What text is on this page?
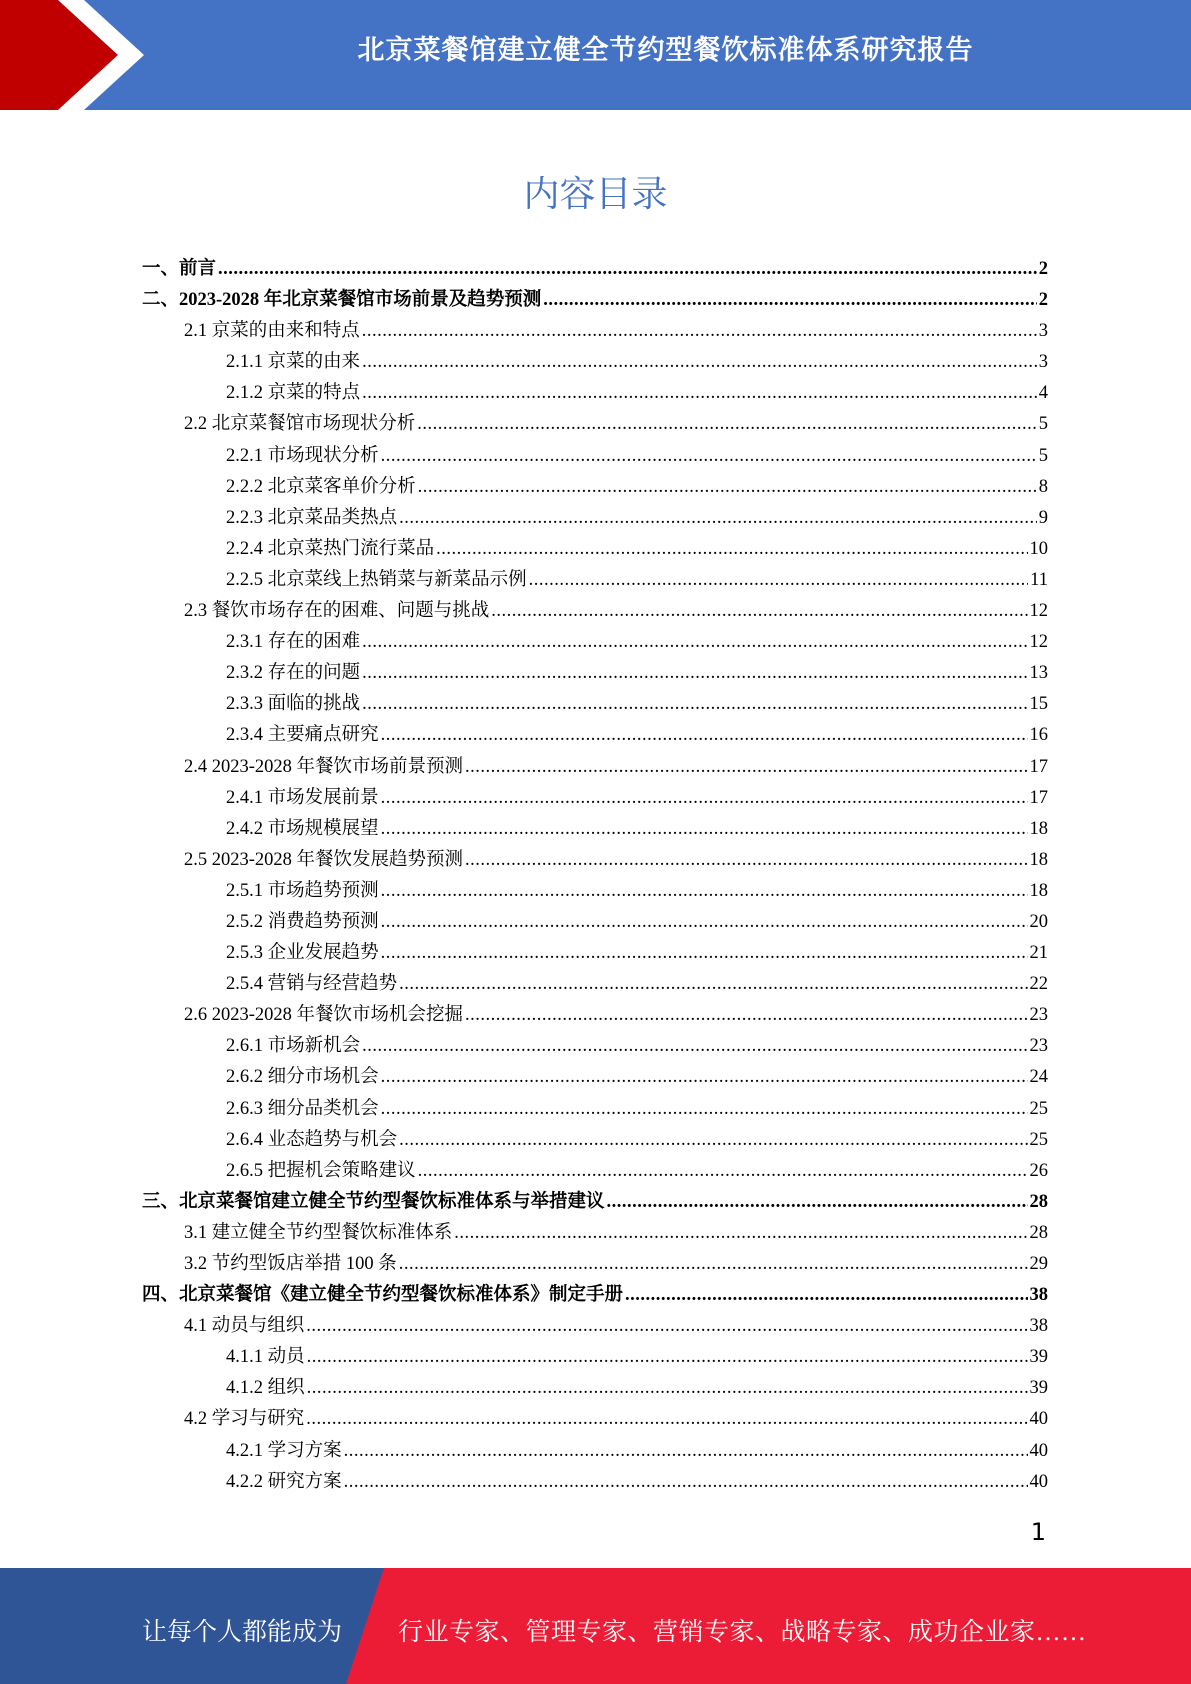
北京菜餐馆建立健全节约型餐饮标准体系研究报告
内容目录
一、前言 .....	2
二、2023-2028 年北京菜餐馆市场前景及趋势预测 .....	2
2.1 京菜的由来和特点 .....	3
2.1.1 京菜的由来 .....	3
2.1.2 京菜的特点 .....	4
2.2 北京菜餐馆市场现状分析 .....	5
2.2.1 市场现状分析 .....	5
2.2.2 北京菜客单价分析 .....	8
2.2.3 北京菜品类热点 .....	9
2.2.4 北京菜热门流行菜品 .....	10
2.2.5 北京菜线上热销菜与新菜品示例 .....	11
2.3 餐饮市场存在的困难、问题与挑战 .....	12
2.3.1 存在的困难 .....	12
2.3.2 存在的问题 .....	13
2.3.3 面临的挑战 .....	15
2.3.4 主要痛点研究 .....	16
2.4 2023-2028 年餐饮市场前景预测 .....	17
2.4.1 市场发展前景 .....	17
2.4.2 市场规模展望 .....	18
2.5 2023-2028 年餐饮发展趋势预测 .....	18
2.5.1 市场趋势预测 .....	18
2.5.2 消费趋势预测 .....	20
2.5.3 企业发展趋势 .....	21
2.5.4 营销与经营趋势 .....	22
2.6 2023-2028 年餐饮市场机会挖掘 .....	23
2.6.1 市场新机会 .....	23
2.6.2 细分市场机会 .....	24
2.6.3 细分品类机会 .....	25
2.6.4 业态趋势与机会 .....	25
2.6.5 把握机会策略建议 .....	26
三、北京菜餐馆建立健全节约型餐饮标准体系与举措建议 .....	28
3.1 建立健全节约型餐饮标准体系 .....	28
3.2 节约型饭店举措 100 条 .....	29
四、北京菜餐馆《建立健全节约型餐饮标准体系》制定手册 .....	38
4.1 动员与组织 .....	38
4.1.1 动员 .....	39
4.1.2 组织 .....	39
4.2 学习与研究 .....	40
4.2.1 学习方案 .....	40
4.2.2 研究方案 .....	40
1
让每个人都能成为 行业专家、管理专家、营销专家、战略专家、成功企业家……
